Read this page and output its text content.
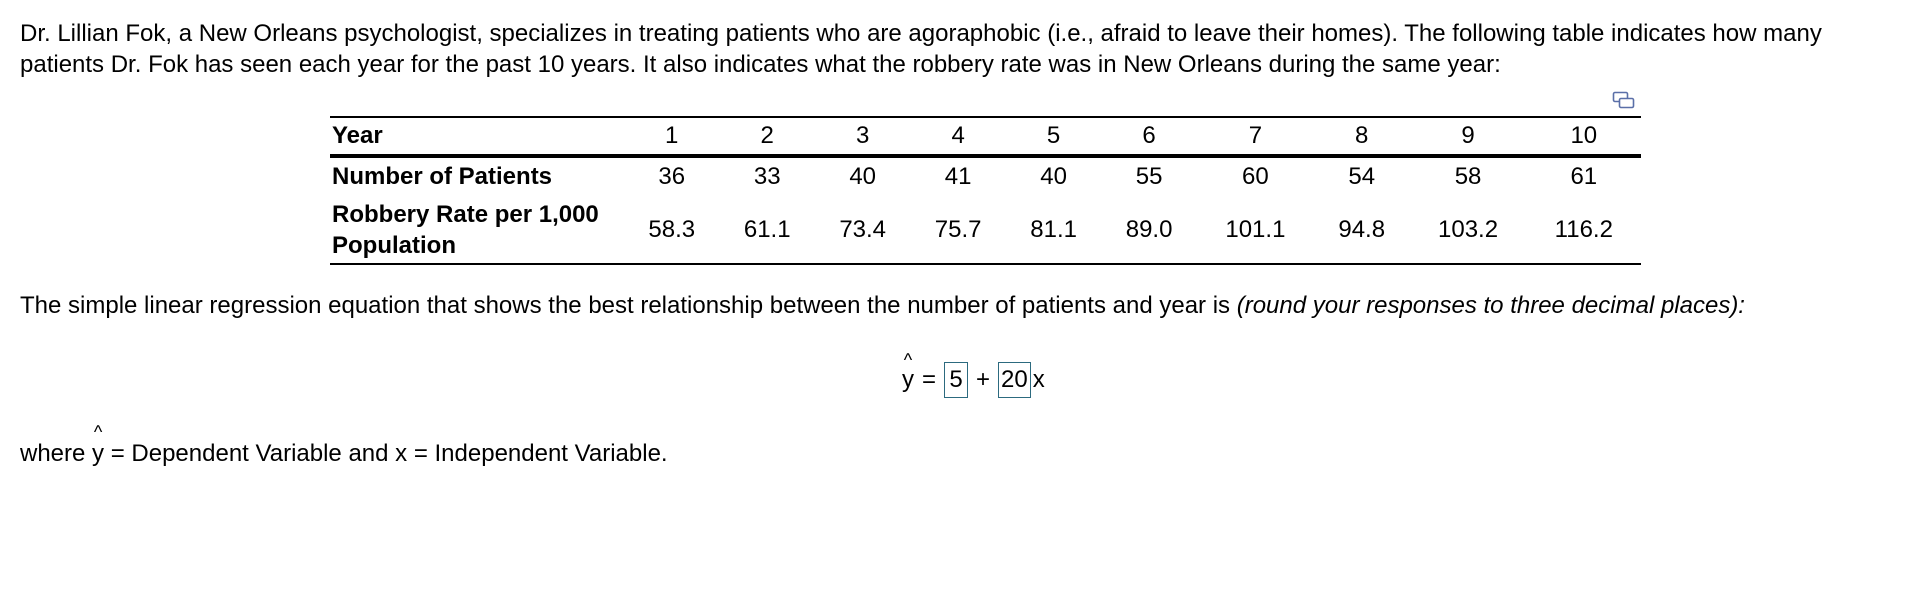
Dr. Lillian Fok, a New Orleans psychologist, specializes in treating patients who are agoraphobic (i.e., afraid to leave their homes). The following table indicates how many patients Dr. Fok has seen each year for the past 10 years. It also indicates what the robbery rate was in New Orleans during the same year:

Year	1	2	3	4	5	6	7	8	9	10
Number of Patients	36	33	40	41	40	55	60	54	58	61
Robbery Rate per 1,000 Population	58.3	61.1	73.4	75.7	81.1	89.0	101.1	94.8	103.2	116.2

The simple linear regression equation that shows the best relationship between the number of patients and year is (round your responses to three decimal places):

^
y = 5 + 20 x

where
^
y = Dependent Variable and x = Independent Variable.
